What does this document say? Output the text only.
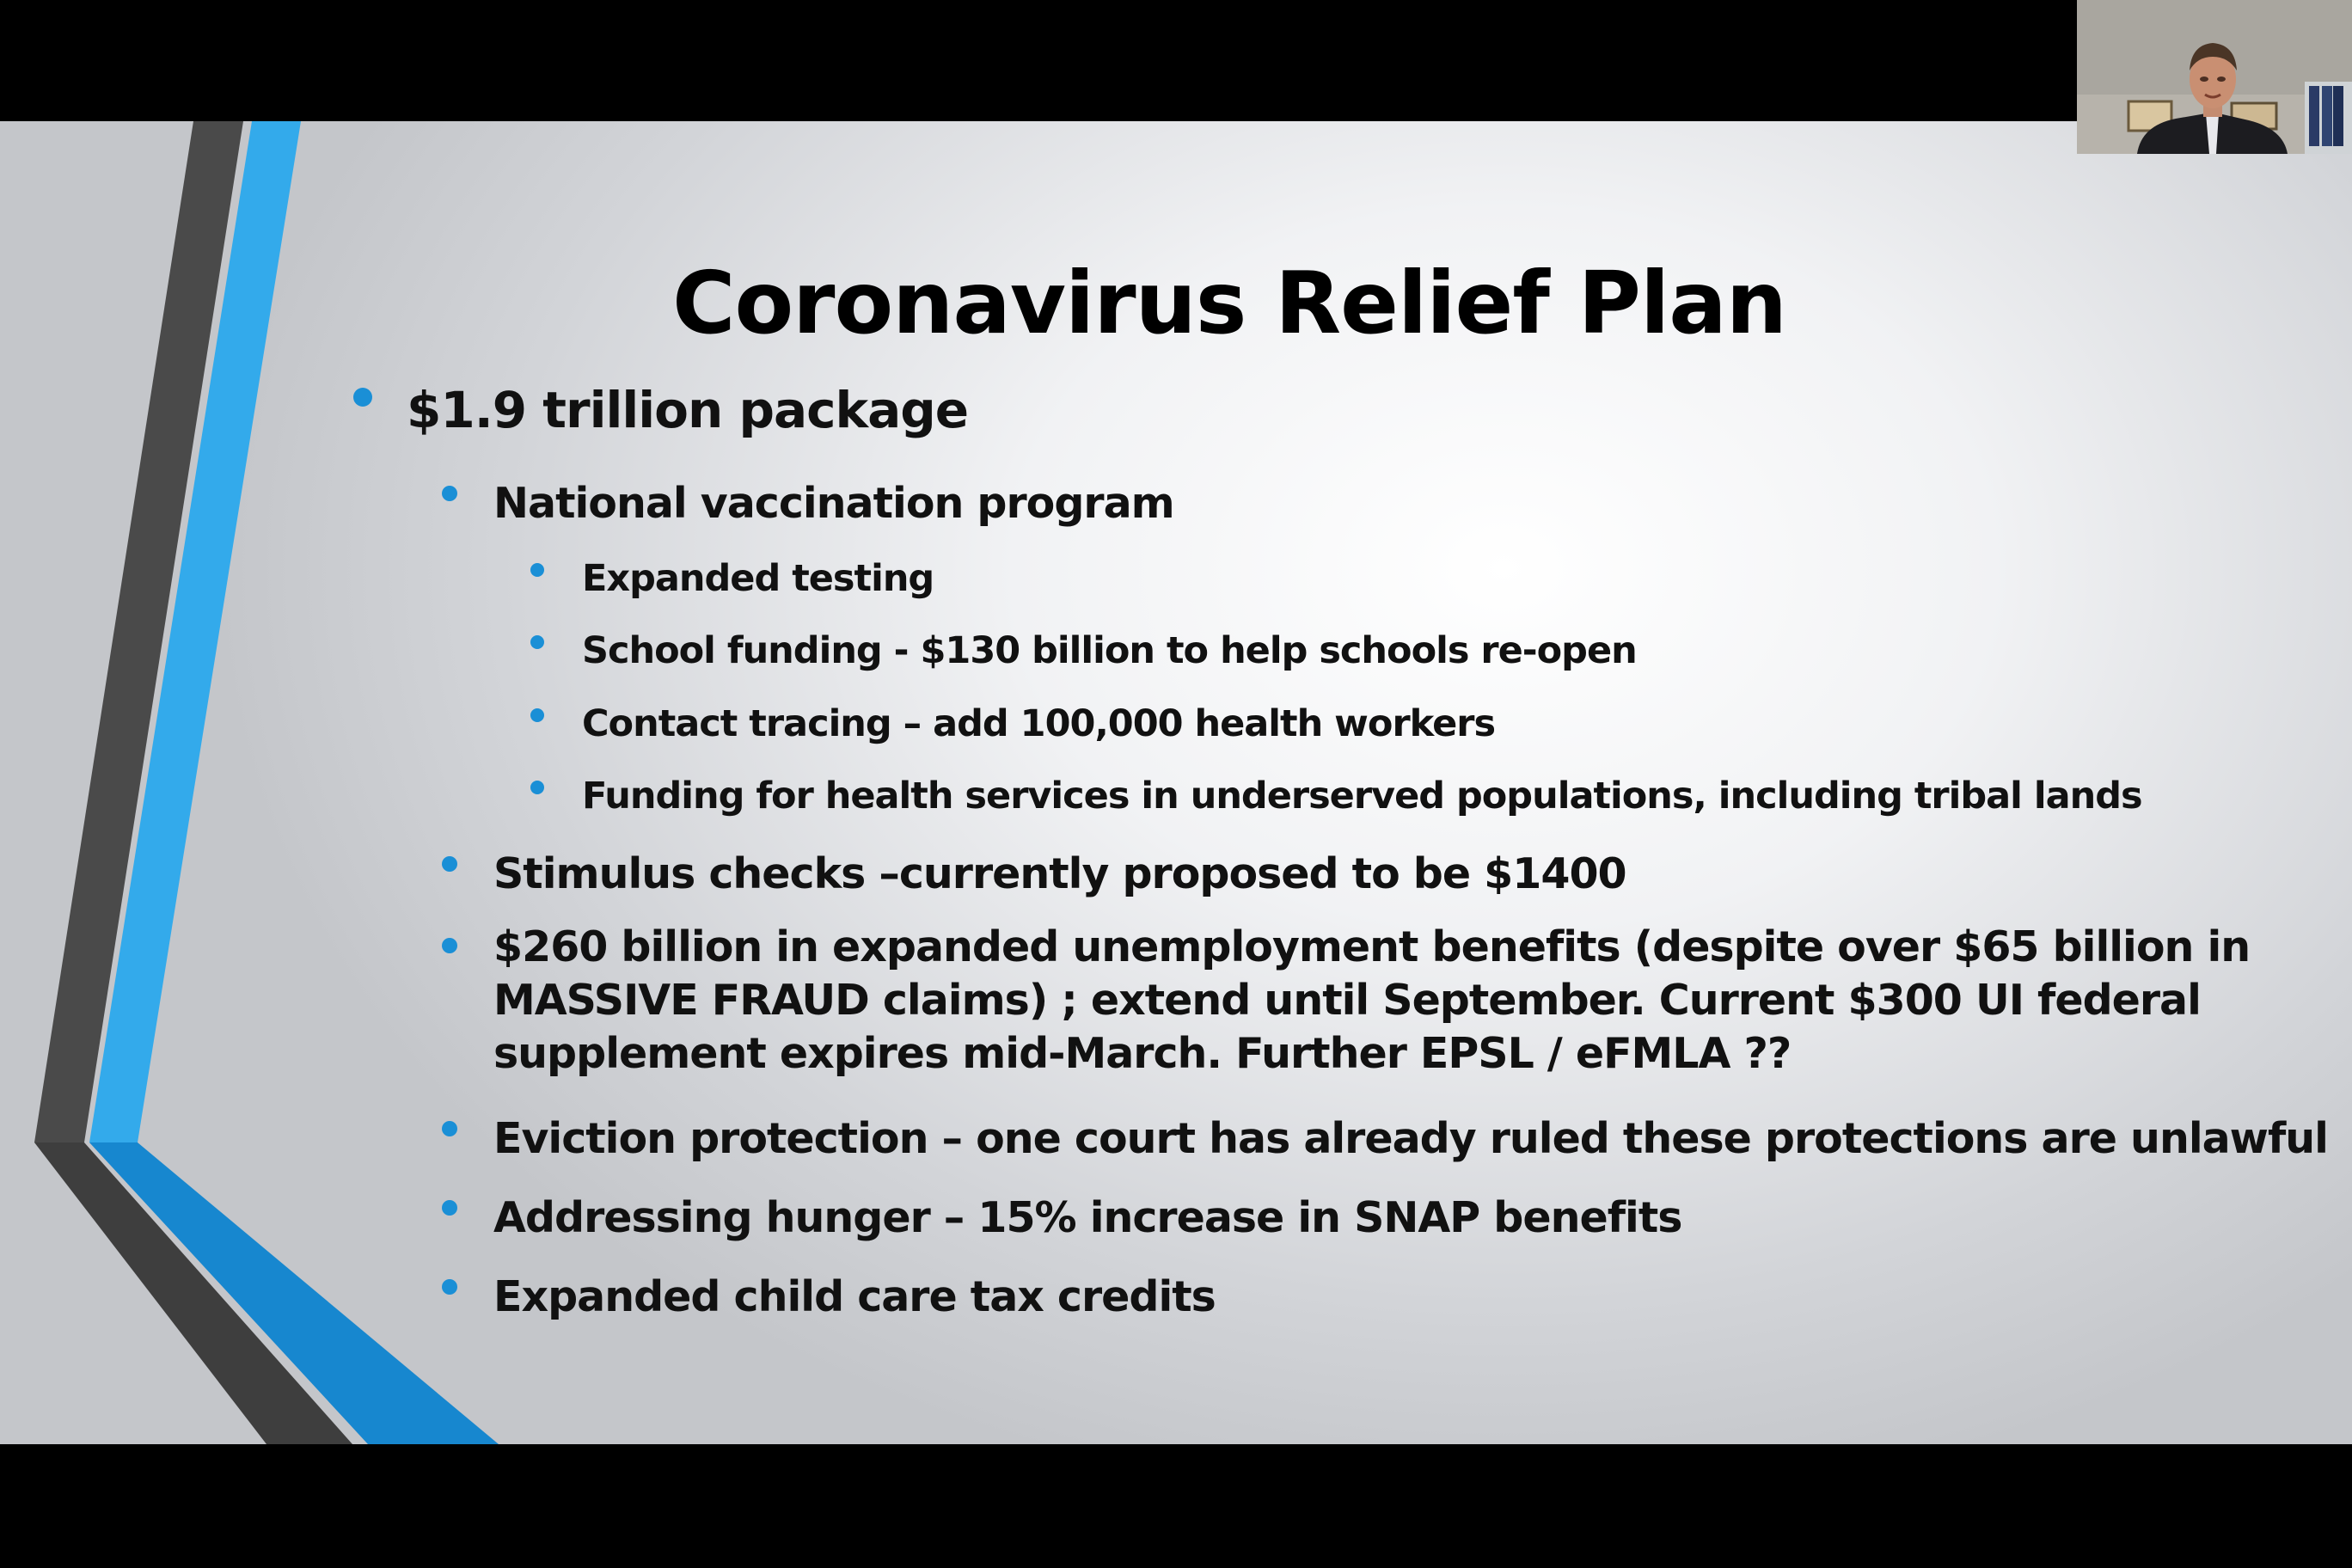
Coronavirus Relief Plan
$1.9 trillion package
National vaccination program
Expanded testing
School funding - $130 billion to help schools re-open
Contact tracing – add 100,000 health workers
Funding for health services in underserved populations, including tribal lands
Stimulus checks –currently proposed to be $1400
$260 billion in expanded unemployment benefits (despite over $65 billion in
MASSIVE FRAUD claims) ; extend until September. Current $300 UI federal
supplement expires mid-March. Further EPSL / eFMLA ??
Eviction protection – one court has already ruled these protections are unlawful
Addressing hunger – 15% increase in SNAP benefits
Expanded child care tax credits
